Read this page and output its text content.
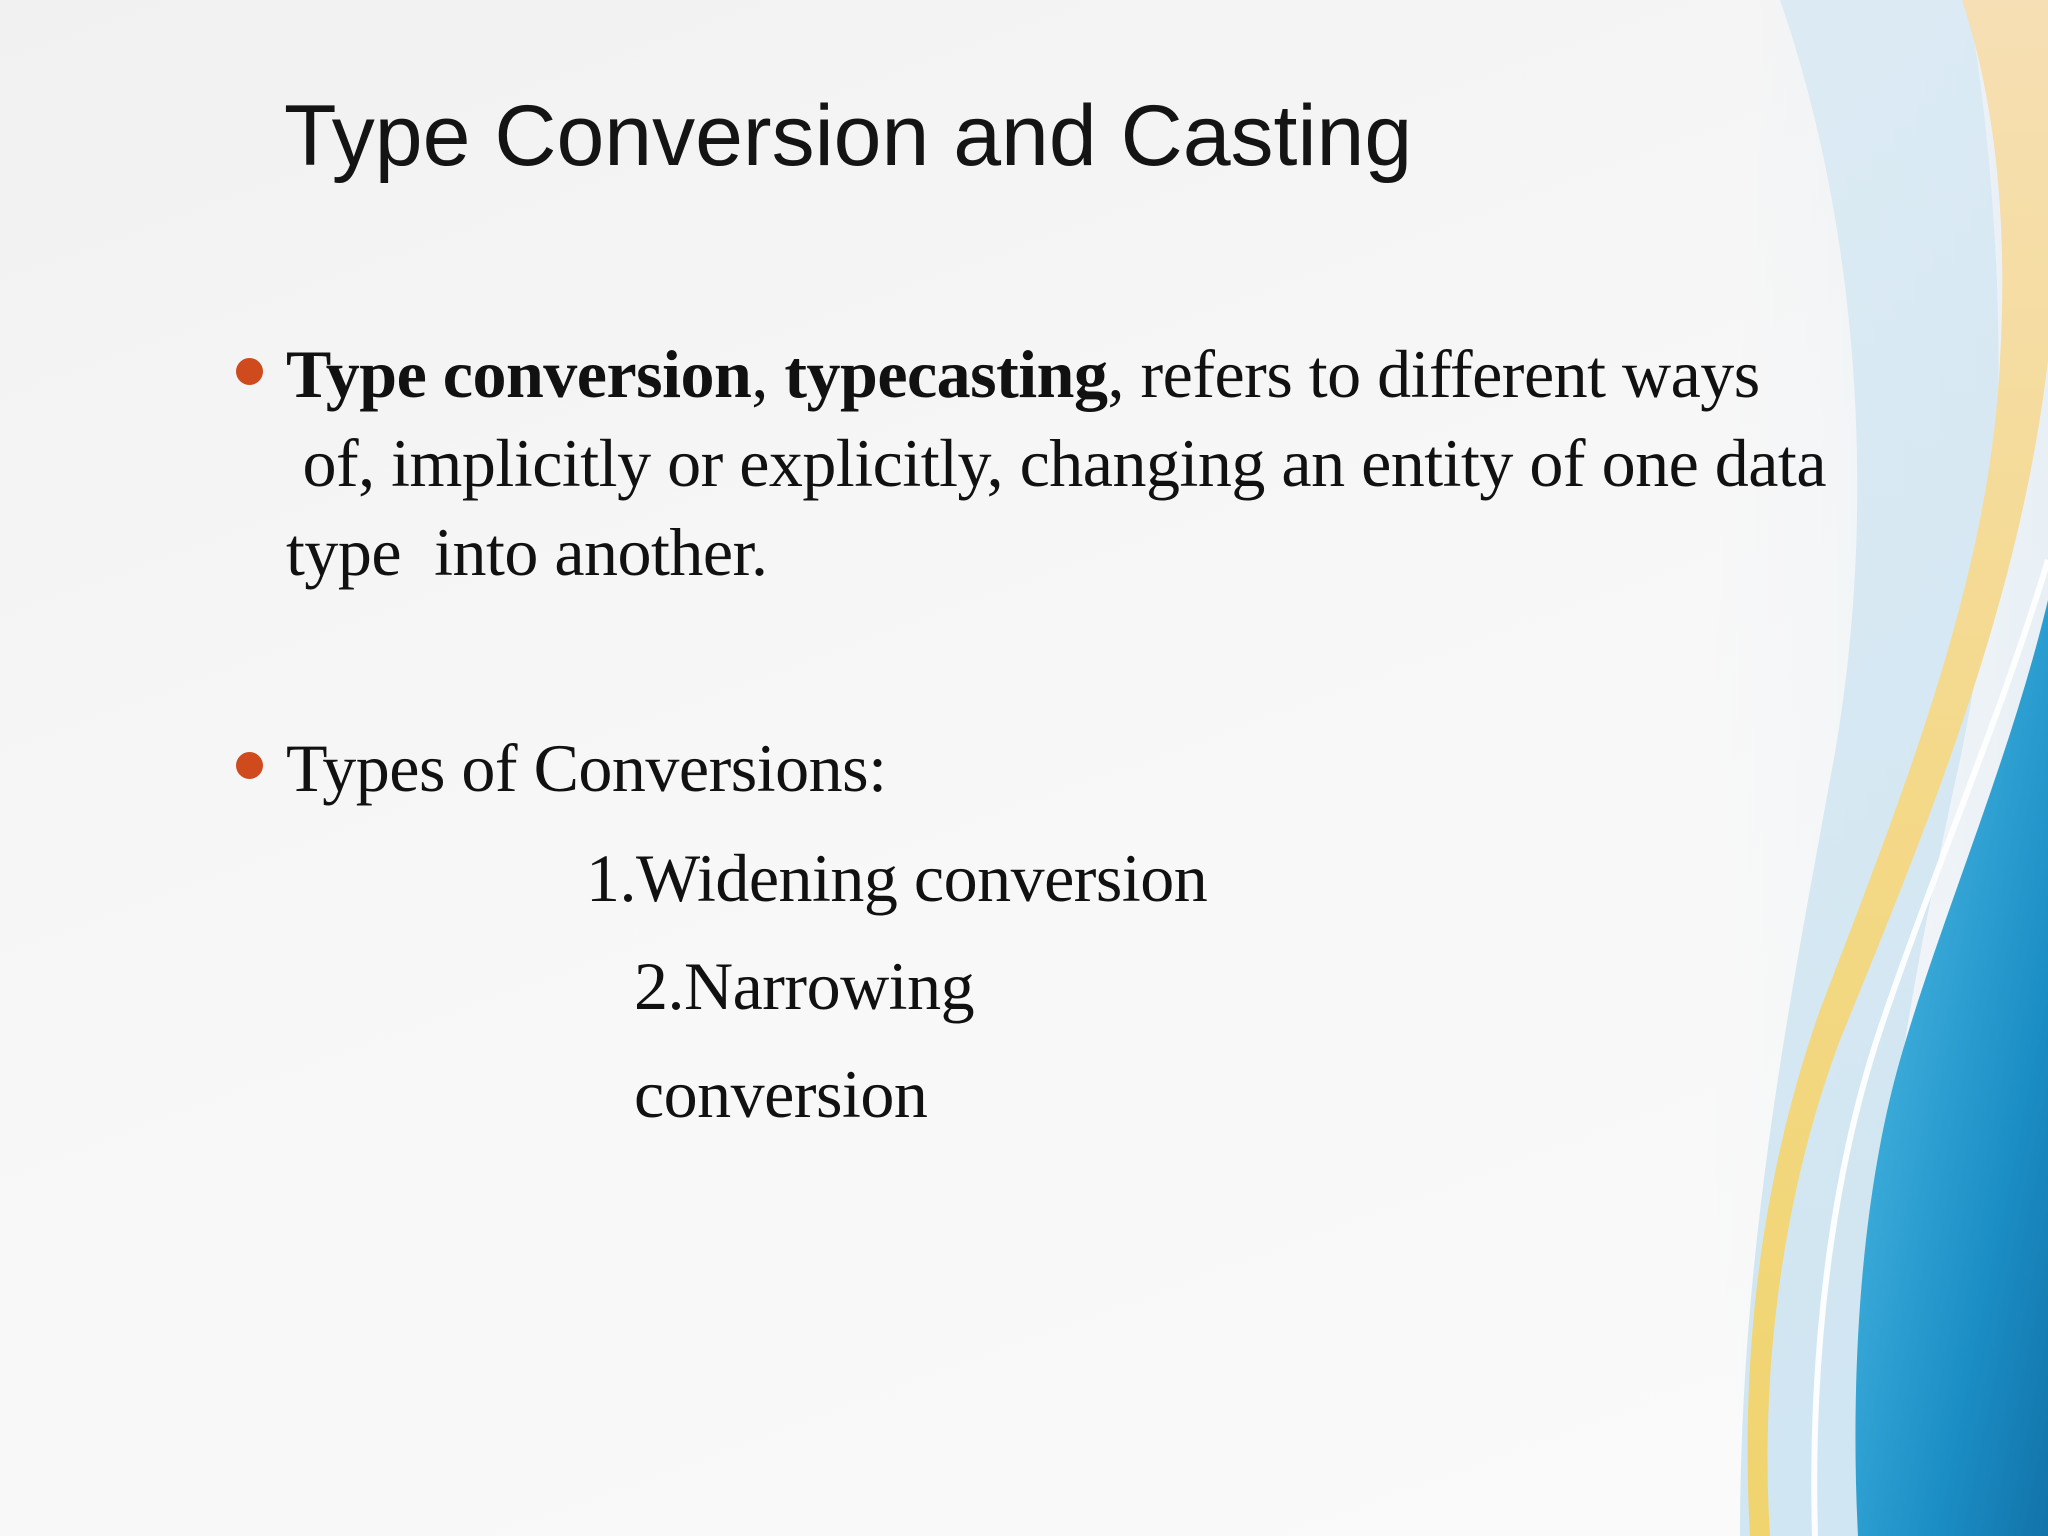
Type Conversion and Casting
Type conversion, typecasting, refers to different ways
of, implicitly or explicitly, changing an entity of one data
type  into another.
Types of Conversions:
1.Widening conversion
2.Narrowing
conversion
